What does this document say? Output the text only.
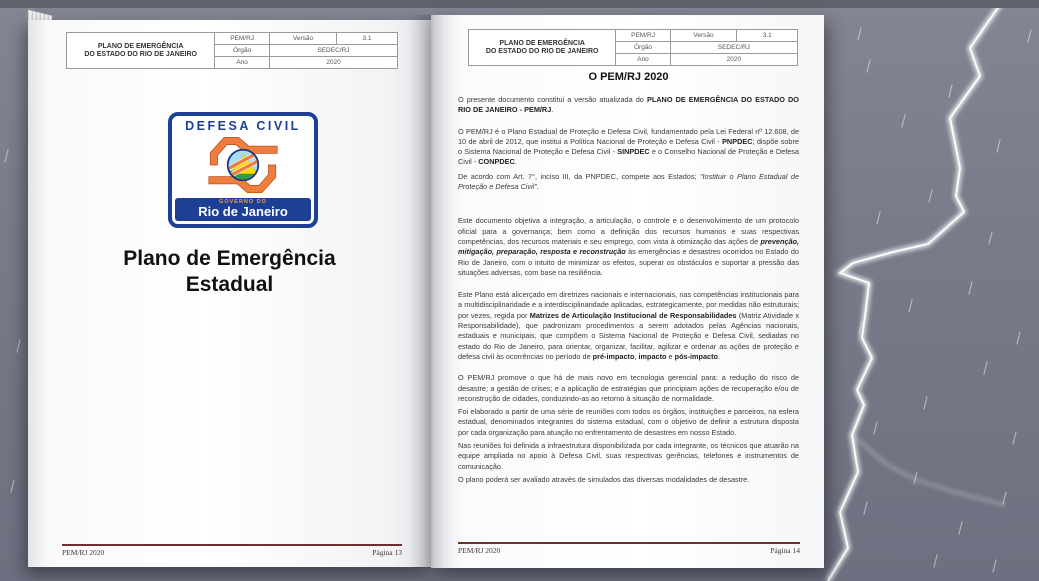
PLANO DE EMERGÊNCIA
DO ESTADO DO RIO DE JANEIRO	PEM/RJ	Versão	3.1
	Órgão	SEDEC/RJ	
	Ano	2020	
DEFESA CIVIL
GOVERNO DO
Rio de Janeiro
Plano de Emergência
Estadual
PEM/RJ 2020	Página 13
PLANO DE EMERGÊNCIA
DO ESTADO DO RIO DE JANEIRO	PEM/RJ	Versão	3.1
	Órgão	SEDEC/RJ	
	Ano	2020	
O PEM/RJ 2020

O presente documento constitui a versão atualizada do PLANO DE EMERGÊNCIA DO ESTADO DO RIO DE JANEIRO - PEM/RJ.

O PEM/RJ é o Plano Estadual de Proteção e Defesa Civil, fundamentado pela Lei Federal nº 12.608, de 10 de abril de 2012, que institui a Política Nacional de Proteção e Defesa Civil - PNPDEC; dispõe sobre o Sistema Nacional de Proteção e Defesa Civil - SINPDEC e o Conselho Nacional de Proteção e Defesa Civil - CONPDEC.

De acordo com Art. 7°, inciso III, da PNPDEC, compete aos Estados; "Instituir o Plano Estadual de Proteção e Defesa Civil".

Este documento objetiva a integração, a articulação, o controle e o desenvolvimento de um protocolo oficial para a governança; bem como a definição dos recursos humanos e suas respectivas competências, dos recursos materiais e seu emprego, com vista à otimização das ações de prevenção, mitigação, preparação, resposta e reconstrução às emergências e desastres ocorridos no Estado do Rio de Janeiro, com o intuito de minimizar os efeitos, superar os obstáculos e suportar a pressão das situações adversas, com base na resiliência.

Este Plano está alicerçado em diretrizes nacionais e internacionais, nas competências institucionais para a multidisciplinaridade e a interdisciplinaridade aplicadas, estrategicamente, por medidas não estruturais; por vezes, regida por Matrizes de Articulação Institucional de Responsabilidades (Matriz Atividade x Responsabilidade), que padronizam procedimentos a serem adotados pelas Agências nacionais, estaduais e municipais, que compõem o Sistema Nacional de Proteção e Defesa Civil, sediadas no estado do Rio de Janeiro, para orientar, organizar, facilitar, agilizar e ordenar as ações de proteção e defesa civil às ocorrências no período de pré-impacto, impacto e pós-impacto.

O PEM/RJ promove o que há de mais novo em tecnologia gerencial para: a redução do risco de desastre; a gestão de crises; e a aplicação de estratégias que principiam ações de recuperação e/ou de reconstrução de cidades, conduzindo-as ao retorno à situação de normalidade.

Foi elaborado a partir de uma série de reuniões com todos os órgãos, instituições e parceiros, na esfera estadual, denominados integrantes do sistema estadual, com o objetivo de definir a estrutura disposta por cada organização para atuação no enfrentamento de desastres em nosso Estado.

Nas reuniões foi definida a infraestrutura disponibilizada por cada integrante, os técnicos que atuarão na equipe ampliada no apoio à Defesa Civil, suas respectivas gerências, telefones e instrumentos de comunicação.

O plano poderá ser avaliado através de simulados das diversas modalidades de desastre.

PEM/RJ 2020	Página 14
